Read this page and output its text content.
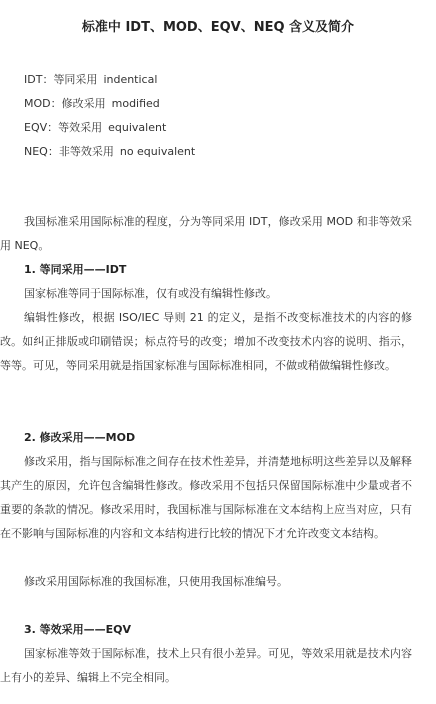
标准中 IDT、MOD、EQV、NEQ 含义及简介
IDT：等同采用 indentical
MOD：修改采用 modified
EQV：等效采用 equivalent
NEQ：非等效采用 no equivalent
我国标准采用国际标准的程度，分为等同采用 IDT，修改采用 MOD 和非等效采用 NEQ。
1. 等同采用——IDT
国家标准等同于国际标准，仅有或没有编辑性修改。
编辑性修改，根据 ISO/IEC 导则 21 的定义，是指不改变标准技术的内容的修改。如纠正排版或印刷错误；标点符号的改变；增加不改变技术内容的说明、指示，等等。可见，等同采用就是指国家标准与国际标准相同，不做或稍做编辑性修改。
2. 修改采用——MOD
修改采用，指与国际标准之间存在技术性差异，并清楚地标明这些差异以及解释其产生的原因，允许包含编辑性修改。修改采用不包括只保留国际标准中少量或者不重要的条款的情况。修改采用时，我国标准与国际标准在文本结构上应当对应，只有在不影响与国际标准的内容和文本结构进行比较的情况下才允许改变文本结构。
修改采用国际标准的我国标准，只使用我国标准编号。
3. 等效采用——EQV
国家标准等效于国际标准，技术上只有很小差异。可见，等效采用就是技术内容上有小的差异、编辑上不完全相同。
